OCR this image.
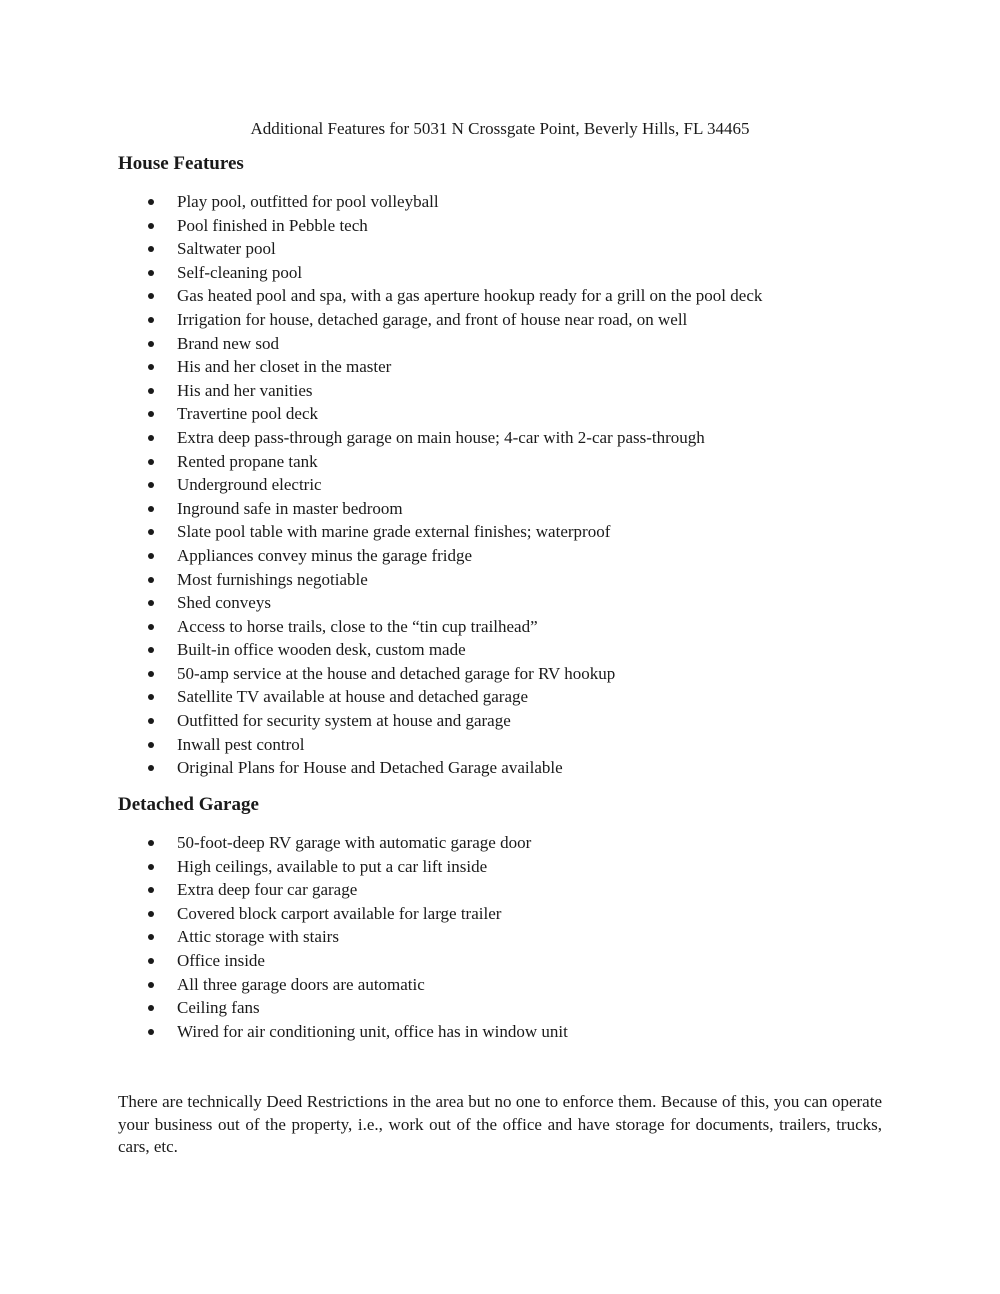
Additional Features for 5031 N Crossgate Point, Beverly Hills, FL 34465
House Features
Play pool, outfitted for pool volleyball
Pool finished in Pebble tech
Saltwater pool
Self-cleaning pool
Gas heated pool and spa, with a gas aperture hookup ready for a grill on the pool deck
Irrigation for house, detached garage, and front of house near road, on well
Brand new sod
His and her closet in the master
His and her vanities
Travertine pool deck
Extra deep pass-through garage on main house; 4-car with 2-car pass-through
Rented propane tank
Underground electric
Inground safe in master bedroom
Slate pool table with marine grade external finishes; waterproof
Appliances convey minus the garage fridge
Most furnishings negotiable
Shed conveys
Access to horse trails, close to the “tin cup trailhead”
Built-in office wooden desk, custom made
50-amp service at the house and detached garage for RV hookup
Satellite TV available at house and detached garage
Outfitted for security system at house and garage
Inwall pest control
Original Plans for House and Detached Garage available
Detached Garage
50-foot-deep RV garage with automatic garage door
High ceilings, available to put a car lift inside
Extra deep four car garage
Covered block carport available for large trailer
Attic storage with stairs
Office inside
All three garage doors are automatic
Ceiling fans
Wired for air conditioning unit, office has in window unit

There are technically Deed Restrictions in the area but no one to enforce them. Because of this, you can operate your business out of the property, i.e., work out of the office and have storage for documents, trailers, trucks, cars, etc.
